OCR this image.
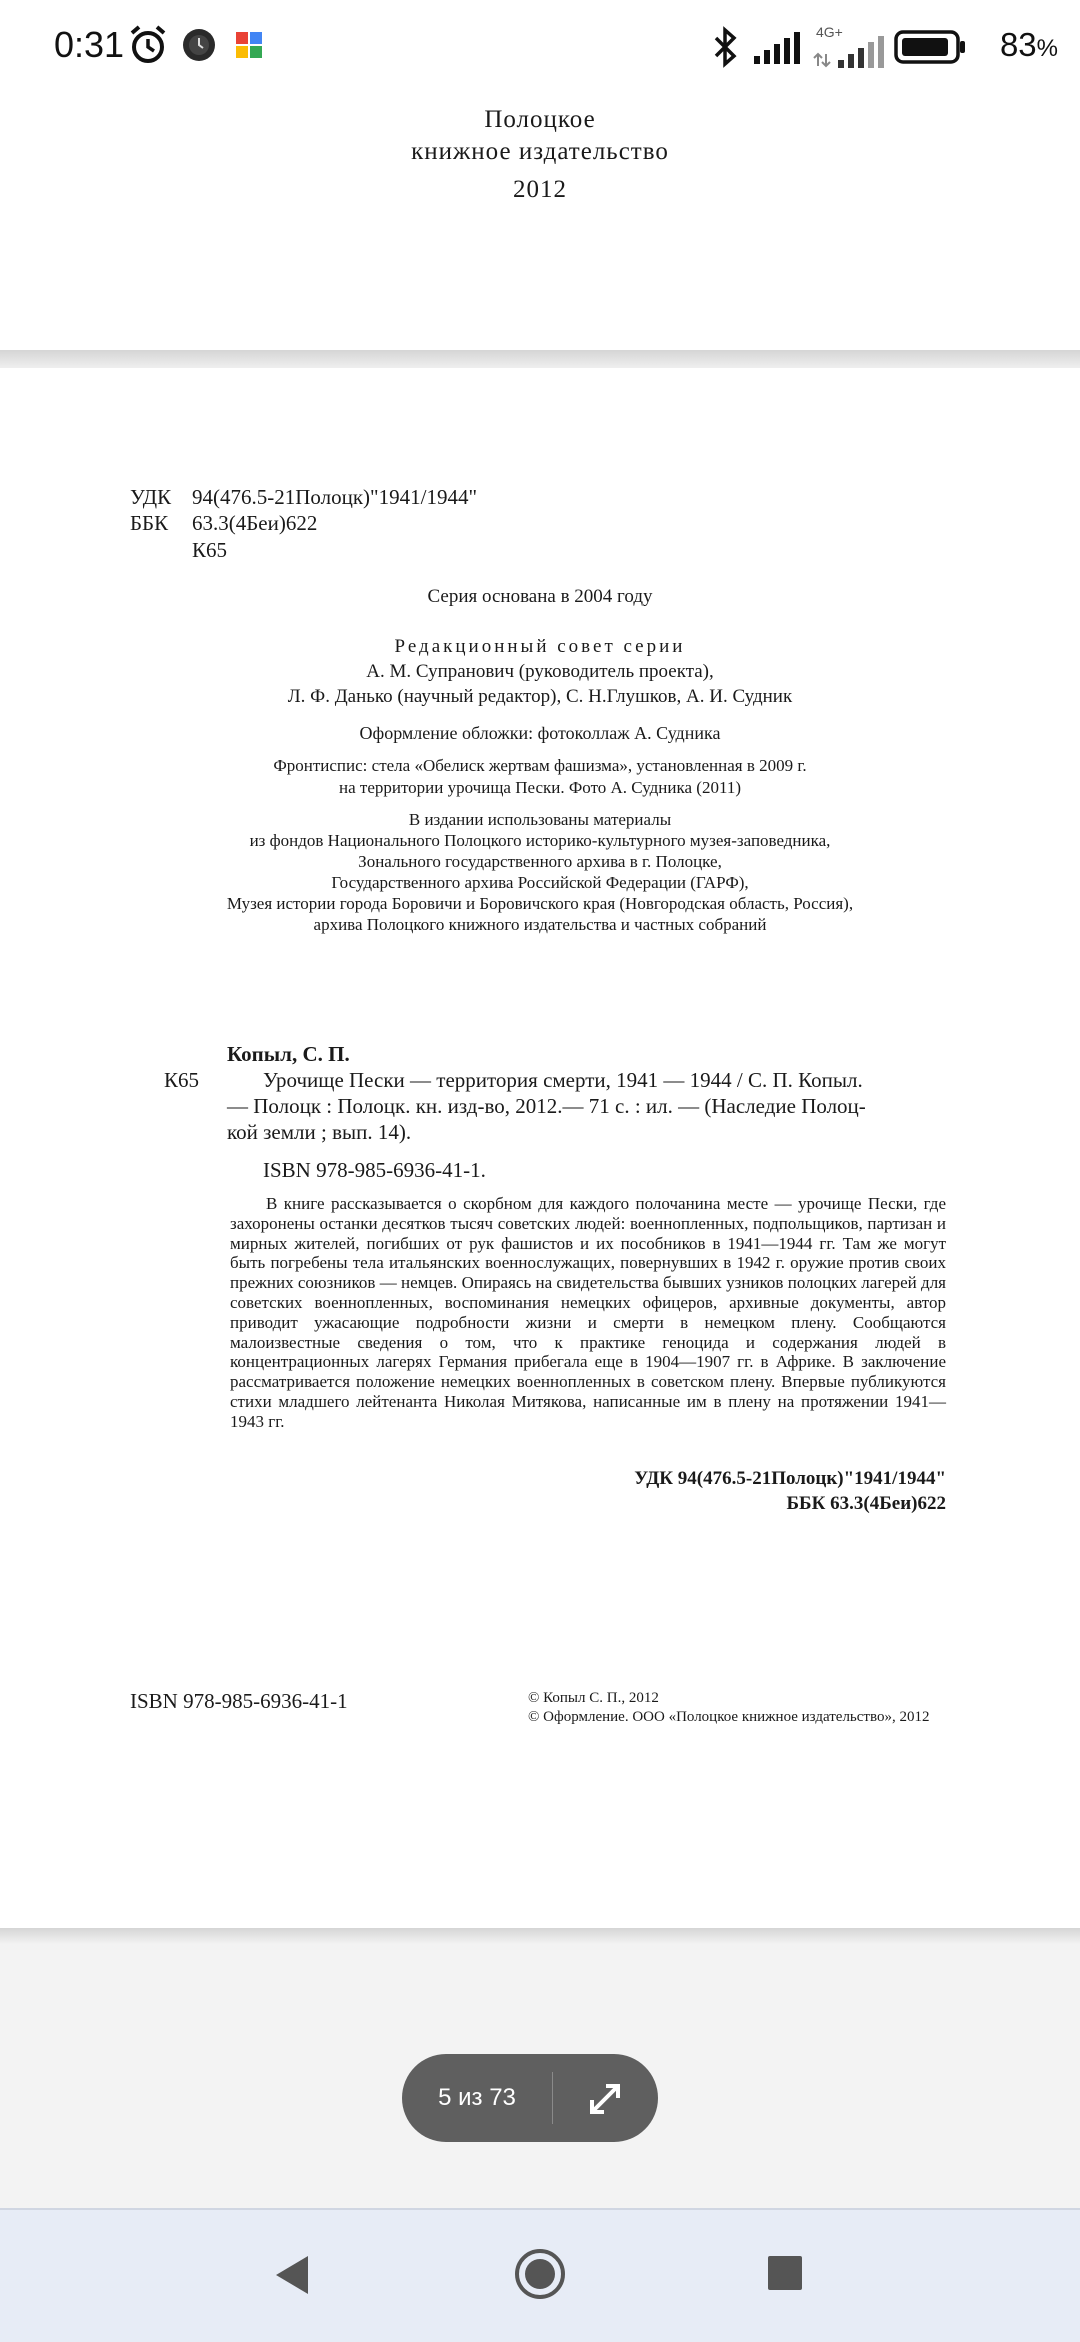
0:31	4G+	83%
Полоцкое
книжное издательство
2012
УДК 94(476.5-21Полоцк)"1941/1944"
ББК 63.3(4Беи)622
К65
Серия основана в 2004 году
Редакционный совет серии
А. М. Супранович (руководитель проекта),
Л. Ф. Данько (научный редактор), С. Н.Глушков, А. И. Судник
Оформление обложки: фотоколлаж А. Судника
Фронтиспис: стела «Обелиск жертвам фашизма», установленная в 2009 г.
на территории урочища Пески. Фото А. Судника (2011)
В издании использованы материалы
из фондов Национального Полоцкого историко-культурного музея-заповедника,
Зонального государственного архива в г. Полоцке,
Государственного архива Российской Федерации (ГАРФ),
Музея истории города Боровичи и Боровичского края (Новгородская область, Россия),
архива Полоцкого книжного издательства и частных собраний
Копыл, С. П.
К65	Урочище Пески — территория смерти, 1941 — 1944 / С. П. Копыл.
— Полоцк : Полоцк. кн. изд-во, 2012.— 71 с. : ил. — (Наследие Полоц-
кой земли ; вып. 14).
ISBN 978-985-6936-41-1.
УДК 94(476.5-21Полоцк)"1941/1944"
ББК 63.3(4Беи)622
ISBN 978-985-6936-41-1	© Копыл С. П., 2012
© Оформление. ООО «Полоцкое книжное издательство», 2012

В книге рассказывается о скорбном для каждого полочанина месте — урочище Пески, где захоронены останки десятков тысяч советских людей: военнопленных, подпольщиков, партизан и мирных жителей, погибших от рук фашистов и их пособников в 1941—1944 гг. Там же могут быть погребены тела итальянских военнослужащих, повернувших в 1942 г. оружие против своих прежних союзников — немцев. Опираясь на свидетельства бывших узников полоцких лагерей для советских военнопленных, воспоминания немецких офицеров, архивные документы, автор приводит ужасающие подробности жизни и смерти в немецком плену. Сообщаются малоизвестные сведения о том, что к практике геноцида и содержания людей в концентрационных лагерях Германия прибегала еще в 1904—1907 гг. в Африке. В заключение рассматривается положение немецких военнопленных в советском плену. Впервые публикуются стихи младшего лейтенанта Николая Митякова, написанные им в плену на протяжении 1941—1943 гг.

5 из 73
